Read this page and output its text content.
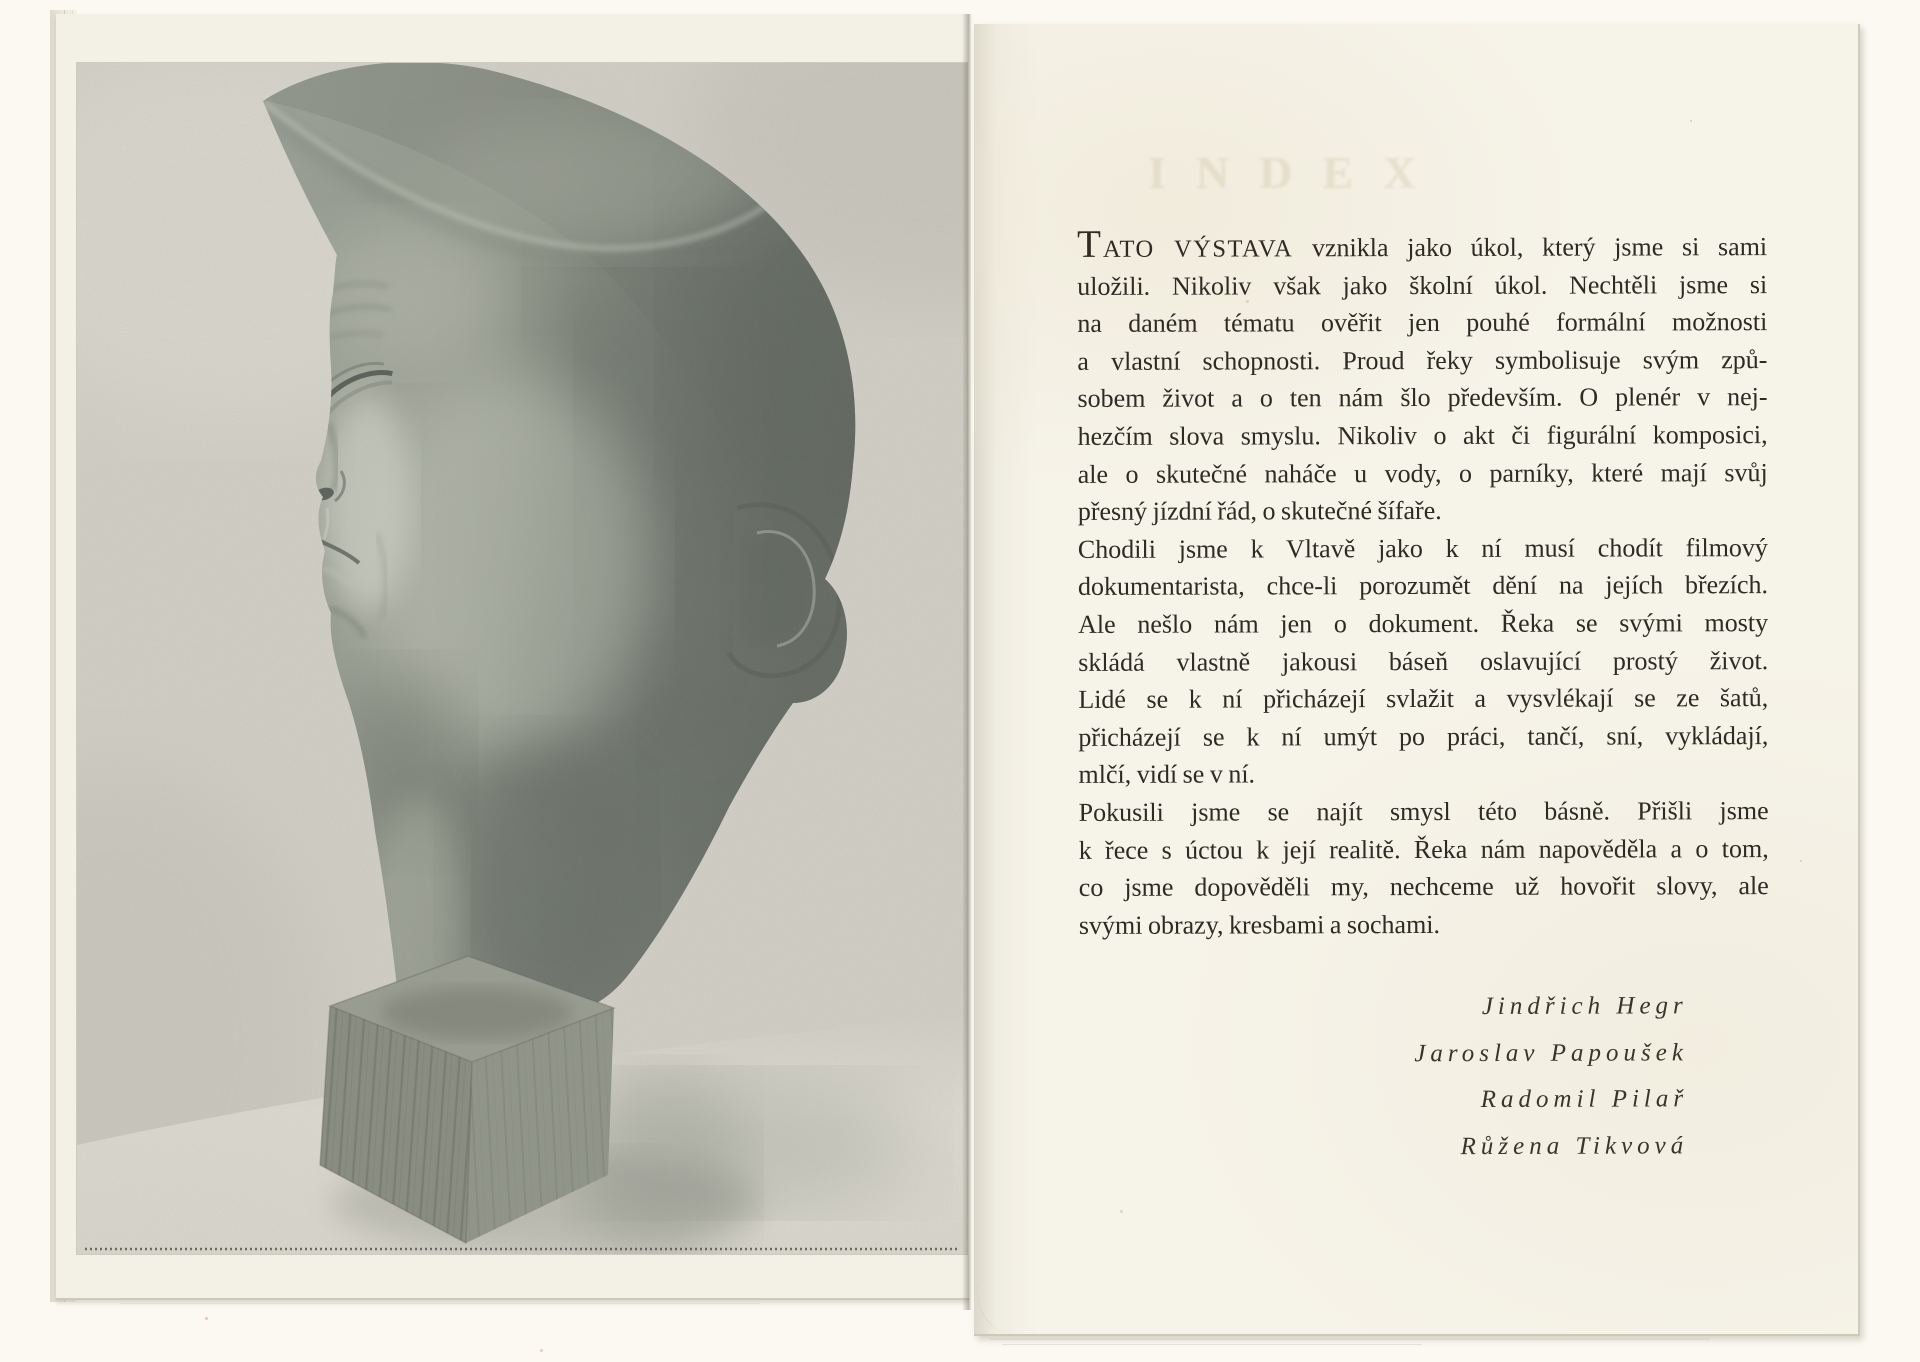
INDEX
TATO VÝSTAVA vznikla jako úkol, který jsme si sami
uložili. Nikoliv však jako školní úkol. Nechtěli jsme si
na daném tématu ověřit jen pouhé formální možnosti
a vlastní schopnosti. Proud řeky symbolisuje svým způ-
sobem život a o ten nám šlo především. O plenér v nej-
hezčím slova smyslu. Nikoliv o akt či figurální komposici,
ale o skutečné naháče u vody, o parníky, které mají svůj
přesný jízdní řád, o skutečné šífaře.
Chodili jsme k Vltavě jako k ní musí chodít filmový
dokumentarista, chce-li porozumět dění na jejích březích.
Ale nešlo nám jen o dokument. Řeka se svými mosty
skládá vlastně jakousi báseň oslavující prostý život.
Lidé se k ní přicházejí svlažit a vysvlékají se ze šatů,
přicházejí se k ní umýt po práci, tančí, sní, vykládají,
mlčí, vidí se v ní.
Pokusili jsme se najít smysl této básně. Přišli jsme
k řece s úctou k její realitě. Řeka nám napověděla a o tom,
co jsme dopověděli my, nechceme už hovořit slovy, ale
svými obrazy, kresbami a sochami.
Jindřich Hegr
Jaroslav Papoušek
Radomil Pilař
Růžena Tikvová
